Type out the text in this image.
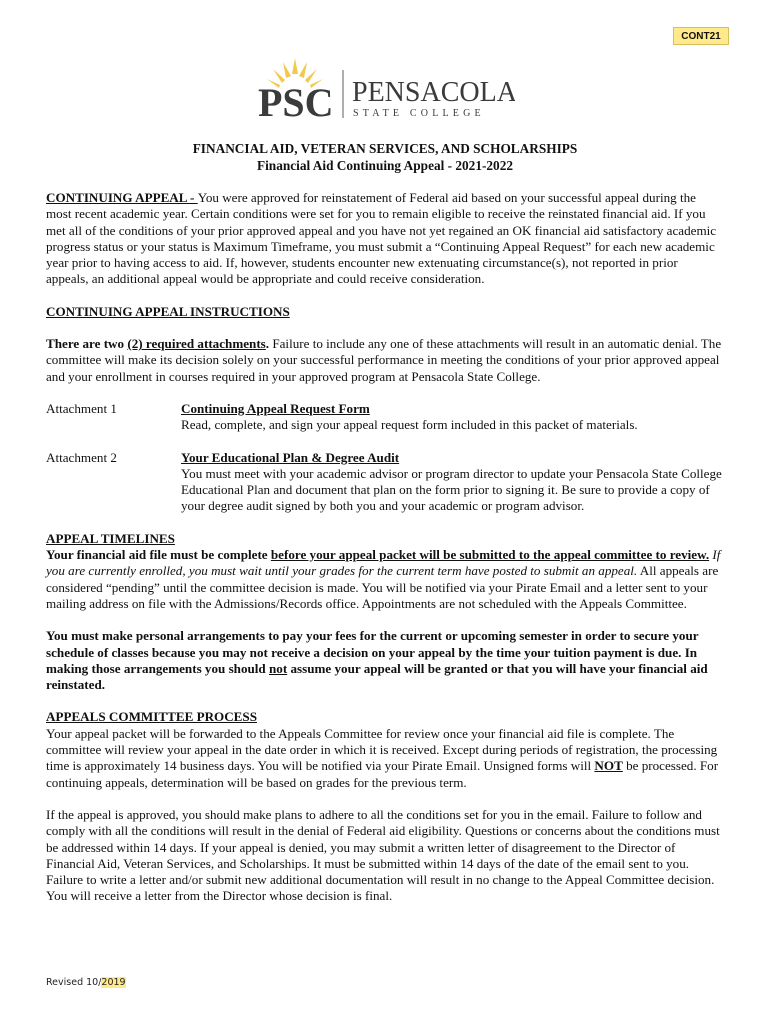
CONT21
PSC PENSACOLA
STATE COLLEGE
FINANCIAL AID, VETERAN SERVICES, AND SCHOLARSHIPS
Financial Aid Continuing Appeal - 2021-2022

CONTINUING APPEAL - You were approved for reinstatement of Federal aid based on your successful appeal during the most recent academic year. Certain conditions were set for you to remain eligible to receive the reinstated financial aid. If you met all of the conditions of your prior approved appeal and you have not yet regained an OK financial aid satisfactory academic progress status or your status is Maximum Timeframe, you must submit a “Continuing Appeal Request” for each new academic year prior to having access to aid. If, however, students encounter new extenuating circumstance(s), not reported in prior appeals, an additional appeal would be appropriate and could receive consideration.

CONTINUING APPEAL INSTRUCTIONS

There are two (2) required attachments. Failure to include any one of these attachments will result in an automatic denial. The committee will make its decision solely on your successful performance in meeting the conditions of your prior approved appeal and your enrollment in courses required in your approved program at Pensacola State College.

Attachment 1	Continuing Appeal Request Form
Read, complete, and sign your appeal request form included in this packet of materials.
Attachment 2	Your Educational Plan & Degree Audit
You must meet with your academic advisor or program director to update your Pensacola State College Educational Plan and document that plan on the form prior to signing it. Be sure to provide a copy of your degree audit signed by both you and your academic or program advisor.

APPEAL TIMELINES

Your financial aid file must be complete before your appeal packet will be submitted to the appeal committee to review. If you are currently enrolled, you must wait until your grades for the current term have posted to submit an appeal. All appeals are considered “pending” until the committee decision is made. You will be notified via your Pirate Email and a letter sent to your mailing address on file with the Admissions/Records office. Appointments are not scheduled with the Appeals Committee.

You must make personal arrangements to pay your fees for the current or upcoming semester in order to secure your schedule of classes because you may not receive a decision on your appeal by the time your tuition payment is due. In making those arrangements you should not assume your appeal will be granted or that you will have your financial aid reinstated.

APPEALS COMMITTEE PROCESS

Your appeal packet will be forwarded to the Appeals Committee for review once your financial aid file is complete. The committee will review your appeal in the date order in which it is received. Except during periods of registration, the processing time is approximately 14 business days. You will be notified via your Pirate Email. Unsigned forms will NOT be processed. For continuing appeals, determination will be based on grades for the previous term.

If the appeal is approved, you should make plans to adhere to all the conditions set for you in the email. Failure to follow and comply with all the conditions will result in the denial of Federal aid eligibility. Questions or concerns about the conditions must be addressed within 14 days. If your appeal is denied, you may submit a written letter of disagreement to the Director of Financial Aid, Veteran Services, and Scholarships. It must be submitted within 14 days of the date of the email sent to you. Failure to write a letter and/or submit new additional documentation will result in no change to the Appeal Committee decision. You will receive a letter from the Director whose decision is final.

Revised 10/2019
